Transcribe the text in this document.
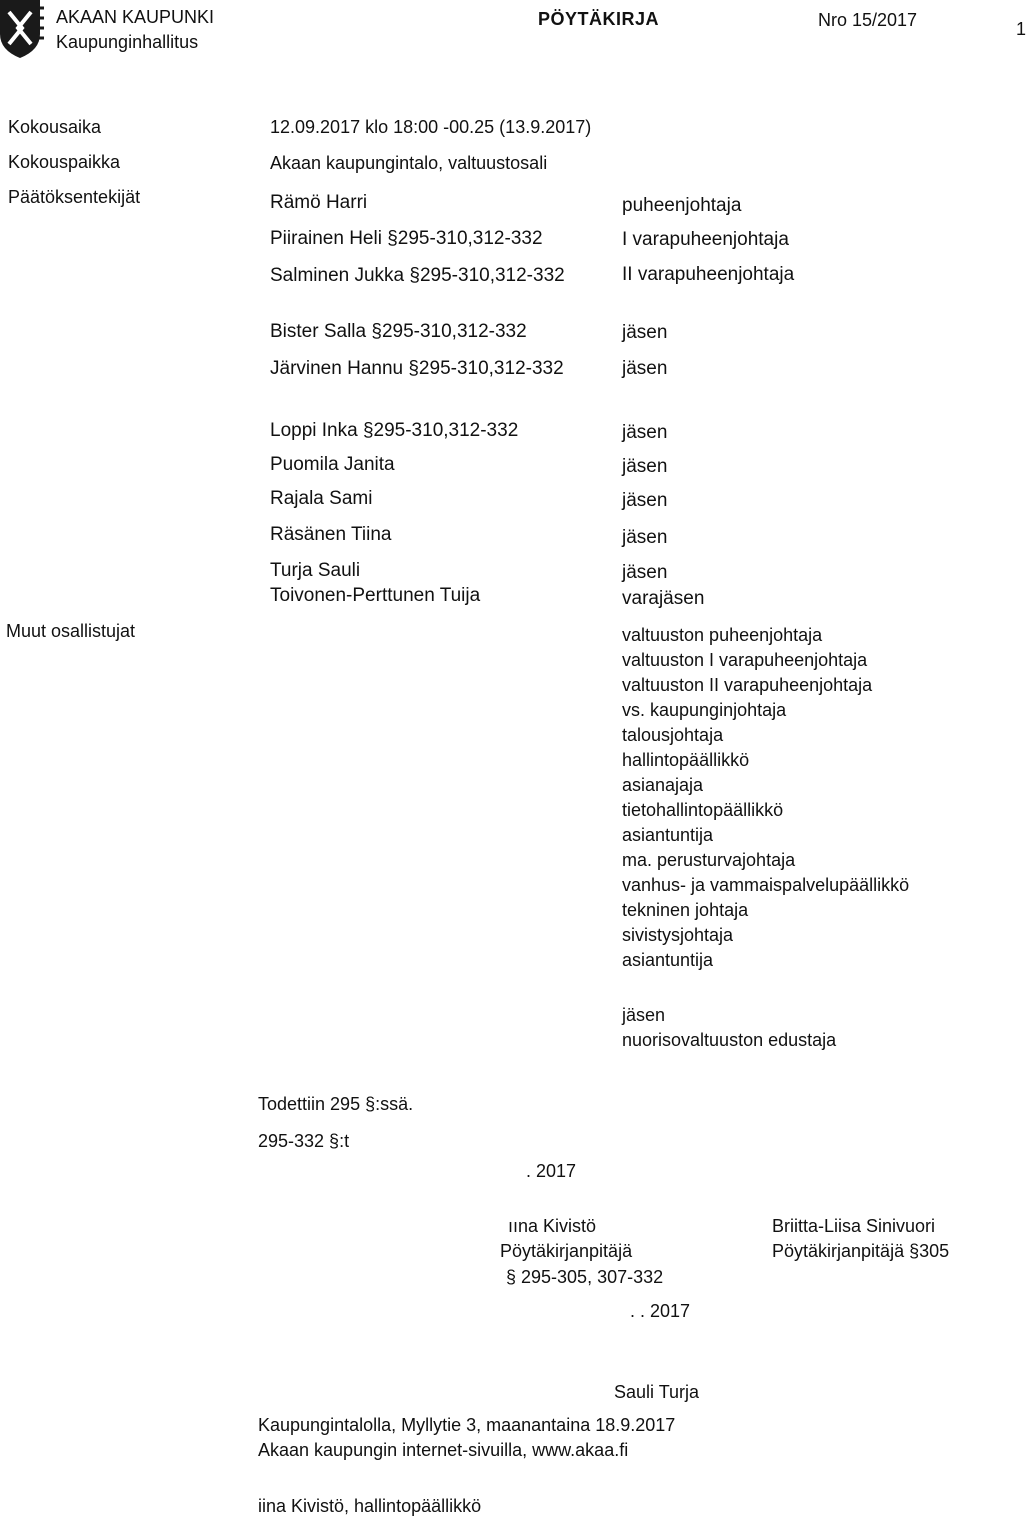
AKAAN KAUPUNKI
Kaupunginhallitus
PÖYTÄKIRJA	Nro 15/2017	1
Kokousaika	12.09.2017 klo 18:00 -00.25 (13.9.2017)
Kokouspaikka	Akaan kaupungintalo, valtuustosali
Päätöksentekijät	Rämö Harri	puheenjohtaja
Piirainen Heli §295-310,312-332	I varapuheenjohtaja
Salminen Jukka §295-310,312-332	II varapuheenjohtaja
Bister Salla §295-310,312-332	jäsen
Järvinen Hannu §295-310,312-332	jäsen
Loppi Inka §295-310,312-332	jäsen
Puomila Janita	jäsen
Rajala Sami	jäsen
Räsänen Tiina	jäsen
Turja Sauli	jäsen
Toivonen-Perttunen Tuija	varajäsen
Muut osallistujat	valtuuston puheenjohtaja
valtuuston I varapuheenjohtaja
valtuuston II varapuheenjohtaja
vs. kaupunginjohtaja
talousjohtaja
hallintopäällikkö
asianajaja
tietohallintopäällikkö
asiantuntija
ma. perusturvajohtaja
vanhus- ja vammaispalvelupäällikkö
tekninen johtaja
sivistysjohtaja
asiantuntija
jäsen
nuorisovaltuuston edustaja
Todettiin 295 §:ssä.
295-332 §:t
. 2017
ıına Kivistö
Pöytäkirjanpitäjä
§ 295-305, 307-332
Briitta-Liisa Sinivuori
Pöytäkirjanpitäjä §305
. . 2017
Sauli Turja
Kaupungintalolla, Myllytie 3, maanantaina 18.9.2017
Akaan kaupungin internet-sivuilla, www.akaa.fi
iina Kivistö, hallintopäällikkö
